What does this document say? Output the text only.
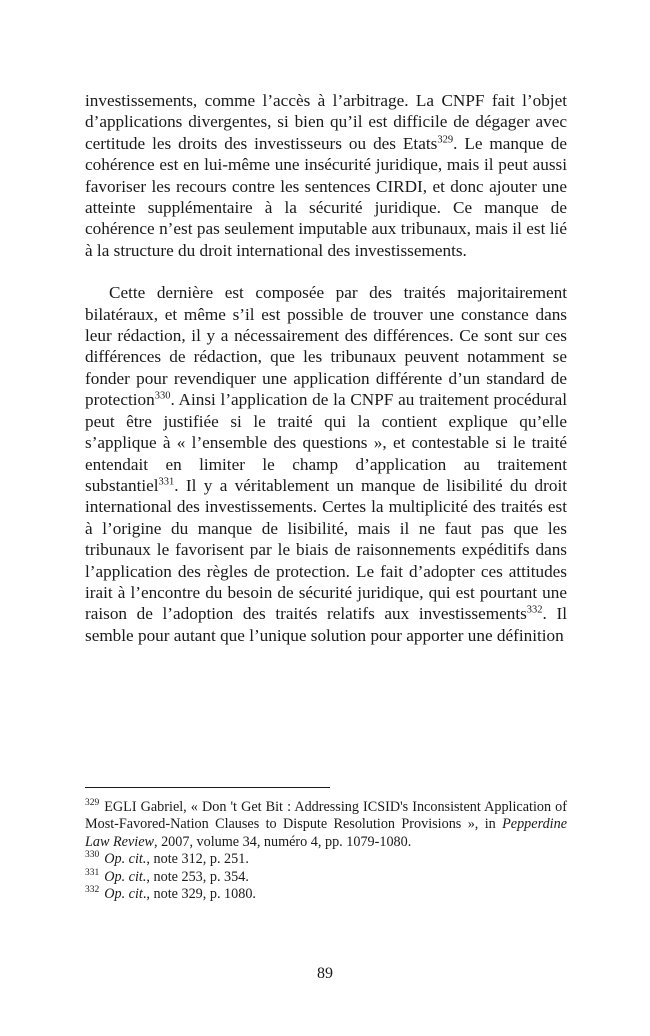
investissements, comme l’accès à l’arbitrage. La CNPF fait l’objet d’applications divergentes, si bien qu’il est difficile de dégager avec certitude les droits des investisseurs ou des Etats$^{329}$. Le manque de cohérence est en lui-même une insécurité juridique, mais il peut aussi favoriser les recours contre les sentences CIRDI, et donc ajouter une atteinte supplémentaire à la sécurité juridique. Ce manque de cohérence n’est pas seulement imputable aux tribunaux, mais il est lié à la structure du droit international des investissements.

Cette dernière est composée par des traités majoritairement bilatéraux, et même s’il est possible de trouver une constance dans leur rédaction, il y a nécessairement des différences. Ce sont sur ces différences de rédaction, que les tribunaux peuvent notamment se fonder pour revendiquer une application différente d’un standard de protection$^{330}$. Ainsi l’application de la CNPF au traitement procédural peut être justifiée si le traité qui la contient explique qu’elle s’applique à « l’ensemble des questions », et contestable si le traité entendait en limiter le champ d’application au traitement substantiel$^{331}$. Il y a véritablement un manque de lisibilité du droit international des investissements. Certes la multiplicité des traités est à l’origine du manque de lisibilité, mais il ne faut pas que les tribunaux le favorisent par le biais de raisonnements expéditifs dans l’application des règles de protection. Le fait d’adopter ces attitudes irait à l’encontre du besoin de sécurité juridique, qui est pourtant une raison de l’adoption des traités relatifs aux investissements$^{332}$. Il semble pour autant que l’unique solution pour apporter une définition

$^{329}$ EGLI Gabriel, « Don 't Get Bit : Addressing ICSID's Inconsistent Application of Most-Favored-Nation Clauses to Dispute Resolution Provisions », in Pepperdine Law Review, 2007, volume 34, numéro 4, pp. 1079-1080.

$^{330}$ Op. cit., note 312, p. 251.

$^{331}$ Op. cit., note 253, p. 354.

$^{332}$ Op. cit., note 329, p. 1080.

89
